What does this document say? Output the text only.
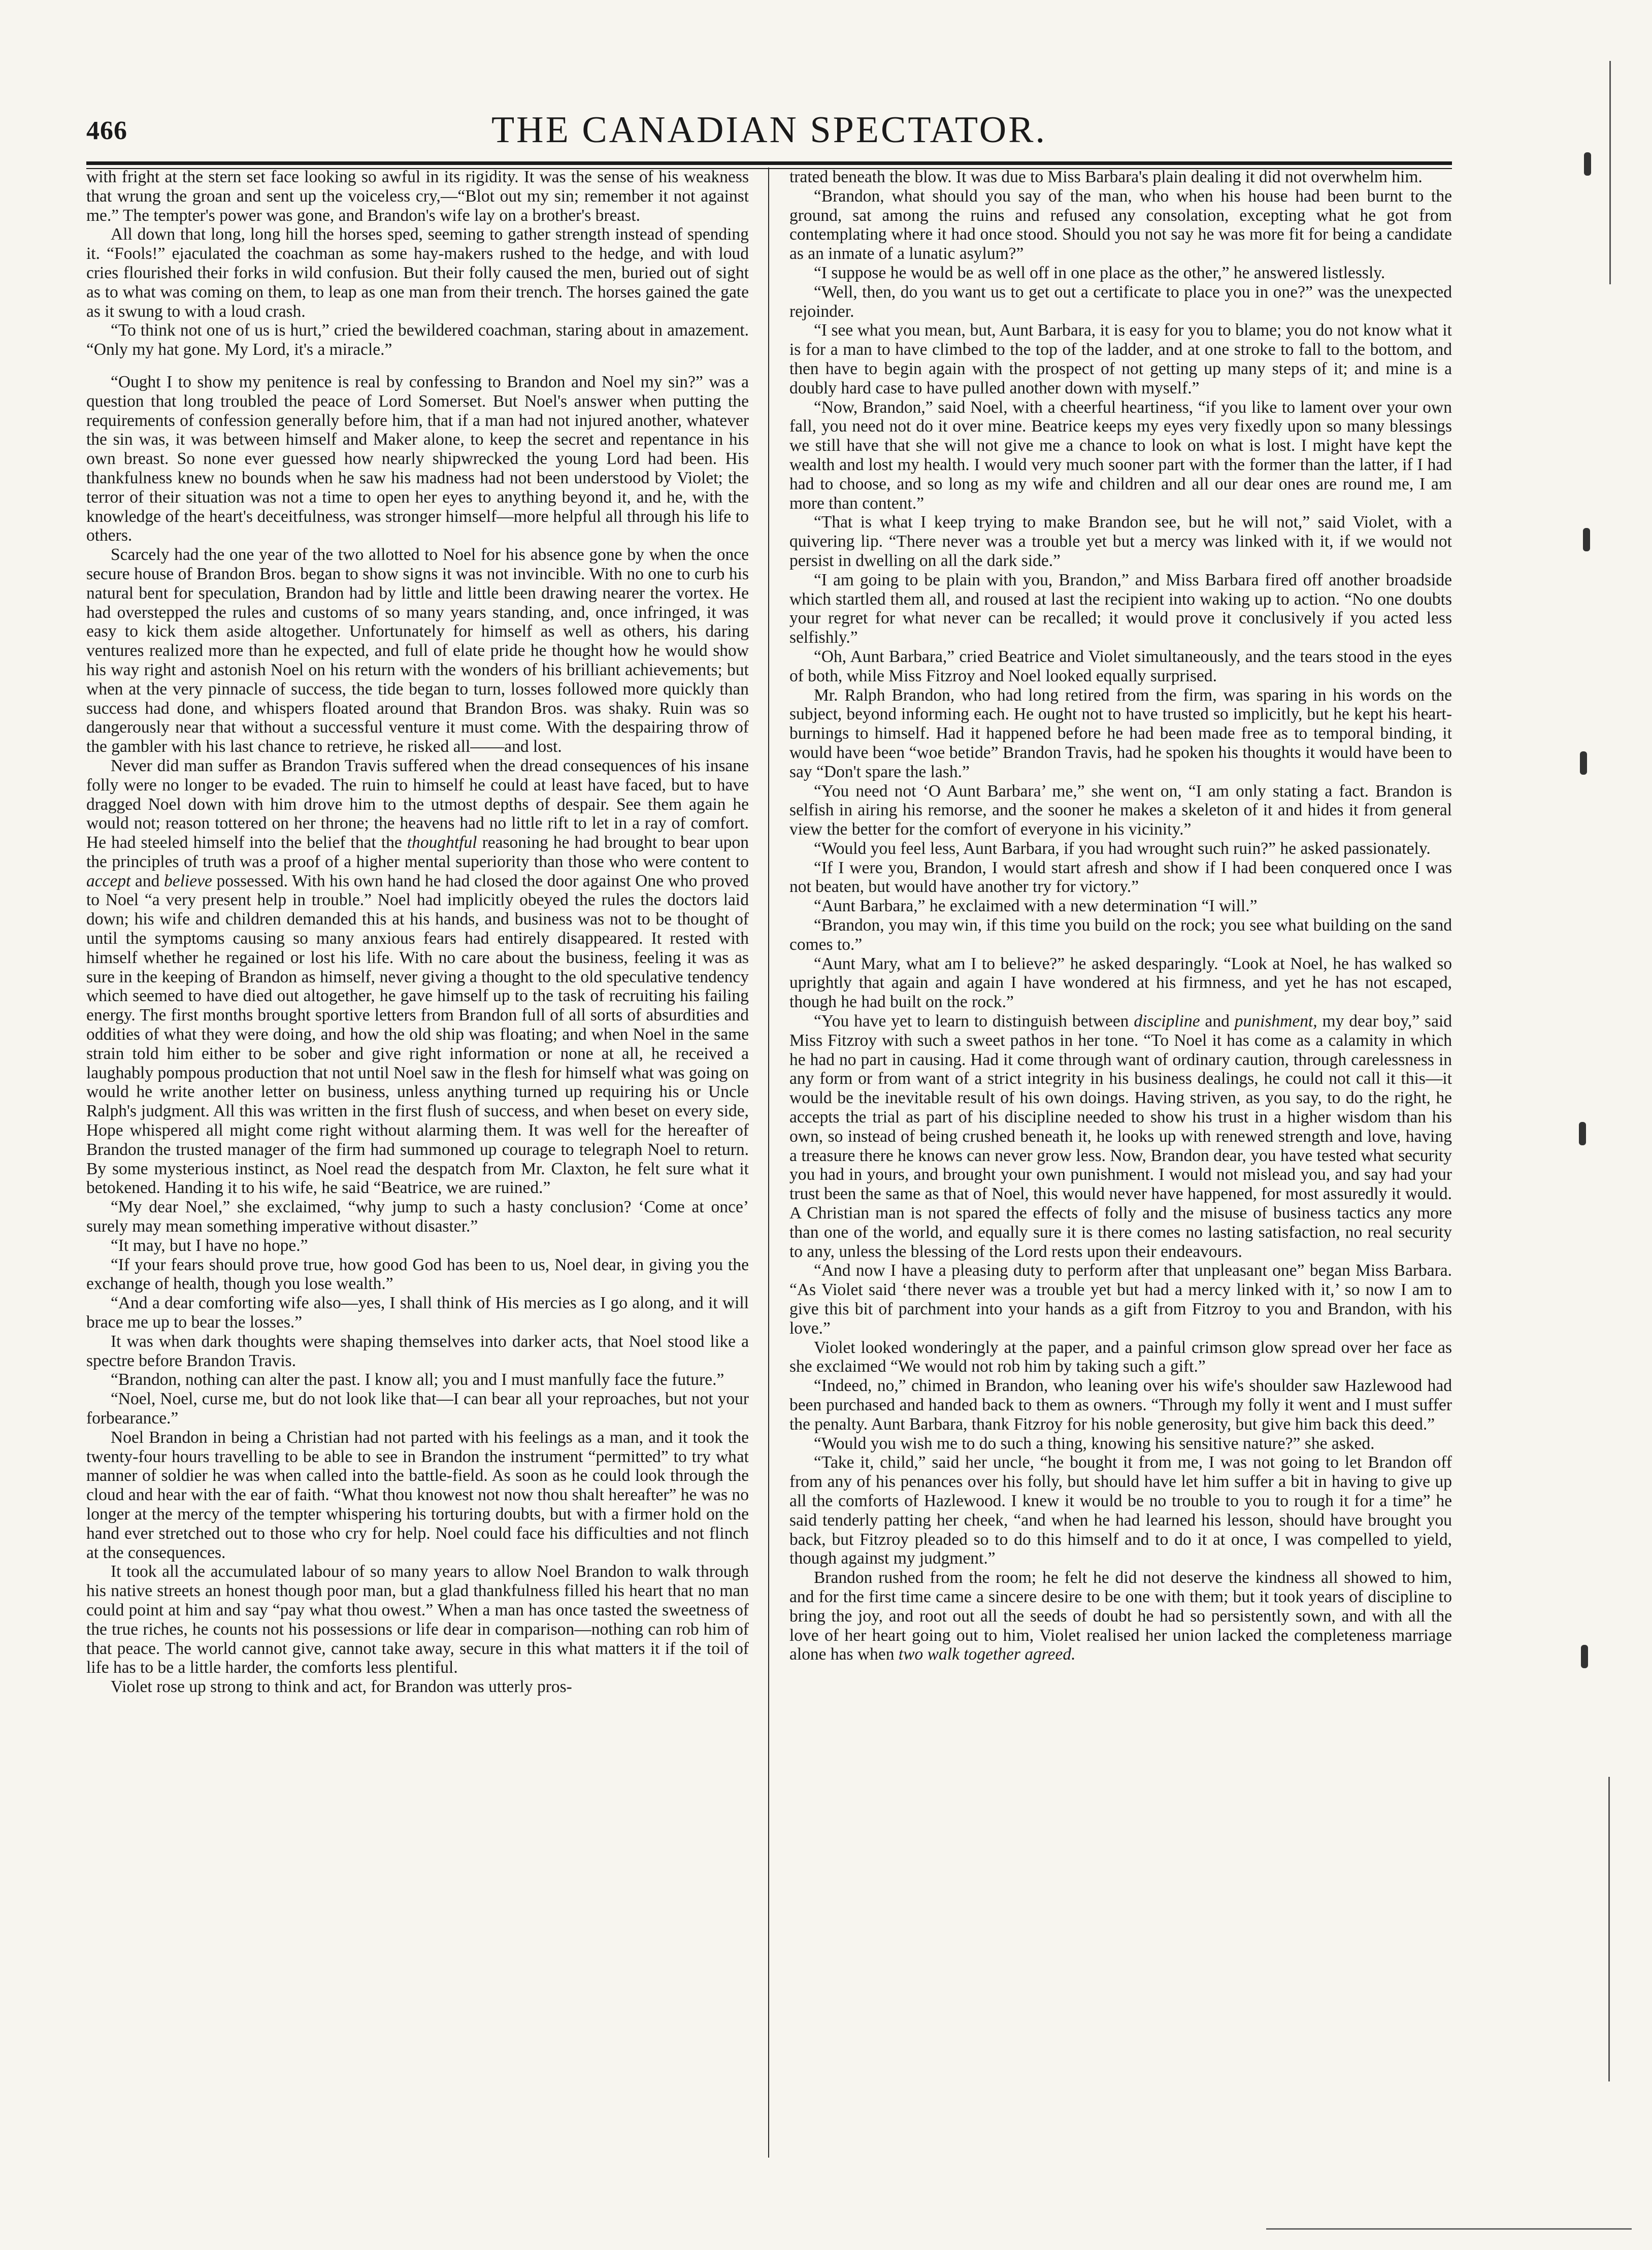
466	THE CANADIAN SPECTATOR.

with fright at the stern set face looking so awful in its rigidity. It was the sense of his weakness that wrung the groan and sent up the voiceless cry,—“Blot out my sin; remember it not against me.” The tempter's power was gone, and Brandon's wife lay on a brother's breast.

All down that long, long hill the horses sped, seeming to gather strength instead of spending it. “Fools!” ejaculated the coachman as some hay-makers rushed to the hedge, and with loud cries flourished their forks in wild confusion. But their folly caused the men, buried out of sight as to what was coming on them, to leap as one man from their trench. The horses gained the gate as it swung to with a loud crash.

“To think not one of us is hurt,” cried the bewildered coachman, staring about in amazement. “Only my hat gone. My Lord, it's a miracle.”

“Ought I to show my penitence is real by confessing to Brandon and Noel my sin?” was a question that long troubled the peace of Lord Somerset. But Noel's answer when putting the requirements of confession generally before him, that if a man had not injured another, whatever the sin was, it was between himself and Maker alone, to keep the secret and repentance in his own breast. So none ever guessed how nearly shipwrecked the young Lord had been. His thankfulness knew no bounds when he saw his madness had not been understood by Violet; the terror of their situation was not a time to open her eyes to anything beyond it, and he, with the knowledge of the heart's deceitfulness, was stronger himself—more helpful all through his life to others.

Scarcely had the one year of the two allotted to Noel for his absence gone by when the once secure house of Brandon Bros. began to show signs it was not invincible. With no one to curb his natural bent for speculation, Brandon had by little and little been drawing nearer the vortex. He had overstepped the rules and customs of so many years standing, and, once infringed, it was easy to kick them aside altogether. Unfortunately for himself as well as others, his daring ventures realized more than he expected, and full of elate pride he thought how he would show his way right and astonish Noel on his return with the wonders of his brilliant achievements; but when at the very pinnacle of success, the tide began to turn, losses followed more quickly than success had done, and whispers floated around that Brandon Bros. was shaky. Ruin was so dangerously near that without a successful venture it must come. With the despairing throw of the gambler with his last chance to retrieve, he risked all——and lost.

Never did man suffer as Brandon Travis suffered when the dread consequences of his insane folly were no longer to be evaded. The ruin to himself he could at least have faced, but to have dragged Noel down with him drove him to the utmost depths of despair. See them again he would not; reason tottered on her throne; the heavens had no little rift to let in a ray of comfort. He had steeled himself into the belief that the thoughtful reasoning he had brought to bear upon the principles of truth was a proof of a higher mental superiority than those who were content to accept and believe possessed. With his own hand he had closed the door against One who proved to Noel “a very present help in trouble.” Noel had implicitly obeyed the rules the doctors laid down; his wife and children demanded this at his hands, and business was not to be thought of until the symptoms causing so many anxious fears had entirely disappeared. It rested with himself whether he regained or lost his life. With no care about the business, feeling it was as sure in the keeping of Brandon as himself, never giving a thought to the old speculative tendency which seemed to have died out altogether, he gave himself up to the task of recruiting his failing energy. The first months brought sportive letters from Brandon full of all sorts of absurdities and oddities of what they were doing, and how the old ship was floating; and when Noel in the same strain told him either to be sober and give right information or none at all, he received a laughably pompous production that not until Noel saw in the flesh for himself what was going on would he write another letter on business, unless anything turned up requiring his or Uncle Ralph's judgment. All this was written in the first flush of success, and when beset on every side, Hope whispered all might come right without alarming them. It was well for the hereafter of Brandon the trusted manager of the firm had summoned up courage to telegraph Noel to return. By some mysterious instinct, as Noel read the despatch from Mr. Claxton, he felt sure what it betokened. Handing it to his wife, he said “Beatrice, we are ruined.”

“My dear Noel,” she exclaimed, “why jump to such a hasty conclusion? ‘Come at once’ surely may mean something imperative without disaster.”

“It may, but I have no hope.”

“If your fears should prove true, how good God has been to us, Noel dear, in giving you the exchange of health, though you lose wealth.”

“And a dear comforting wife also—yes, I shall think of His mercies as I go along, and it will brace me up to bear the losses.”

It was when dark thoughts were shaping themselves into darker acts, that Noel stood like a spectre before Brandon Travis.

“Brandon, nothing can alter the past. I know all; you and I must manfully face the future.”

“Noel, Noel, curse me, but do not look like that—I can bear all your reproaches, but not your forbearance.”

Noel Brandon in being a Christian had not parted with his feelings as a man, and it took the twenty-four hours travelling to be able to see in Brandon the instrument “permitted” to try what manner of soldier he was when called into the battle-field. As soon as he could look through the cloud and hear with the ear of faith. “What thou knowest not now thou shalt hereafter” he was no longer at the mercy of the tempter whispering his torturing doubts, but with a firmer hold on the hand ever stretched out to those who cry for help. Noel could face his difficulties and not flinch at the consequences.

It took all the accumulated labour of so many years to allow Noel Brandon to walk through his native streets an honest though poor man, but a glad thankfulness filled his heart that no man could point at him and say “pay what thou owest.” When a man has once tasted the sweetness of the true riches, he counts not his possessions or life dear in comparison—nothing can rob him of that peace. The world cannot give, cannot take away, secure in this what matters it if the toil of life has to be a little harder, the comforts less plentiful.

Violet rose up strong to think and act, for Brandon was utterly pros-

trated beneath the blow. It was due to Miss Barbara's plain dealing it did not overwhelm him.

“Brandon, what should you say of the man, who when his house had been burnt to the ground, sat among the ruins and refused any consolation, excepting what he got from contemplating where it had once stood. Should you not say he was more fit for being a candidate as an inmate of a lunatic asylum?”

“I suppose he would be as well off in one place as the other,” he answered listlessly.

“Well, then, do you want us to get out a certificate to place you in one?” was the unexpected rejoinder.

“I see what you mean, but, Aunt Barbara, it is easy for you to blame; you do not know what it is for a man to have climbed to the top of the ladder, and at one stroke to fall to the bottom, and then have to begin again with the prospect of not getting up many steps of it; and mine is a doubly hard case to have pulled another down with myself.”

“Now, Brandon,” said Noel, with a cheerful heartiness, “if you like to lament over your own fall, you need not do it over mine. Beatrice keeps my eyes very fixedly upon so many blessings we still have that she will not give me a chance to look on what is lost. I might have kept the wealth and lost my health. I would very much sooner part with the former than the latter, if I had had to choose, and so long as my wife and children and all our dear ones are round me, I am more than content.”

“That is what I keep trying to make Brandon see, but he will not,” said Violet, with a quivering lip. “There never was a trouble yet but a mercy was linked with it, if we would not persist in dwelling on all the dark side.”

“I am going to be plain with you, Brandon,” and Miss Barbara fired off another broadside which startled them all, and roused at last the recipient into waking up to action. “No one doubts your regret for what never can be recalled; it would prove it conclusively if you acted less selfishly.”

“Oh, Aunt Barbara,” cried Beatrice and Violet simultaneously, and the tears stood in the eyes of both, while Miss Fitzroy and Noel looked equally surprised.

Mr. Ralph Brandon, who had long retired from the firm, was sparing in his words on the subject, beyond informing each. He ought not to have trusted so implicitly, but he kept his heart-burnings to himself. Had it happened before he had been made free as to temporal binding, it would have been “woe betide” Brandon Travis, had he spoken his thoughts it would have been to say “Don't spare the lash.”

“You need not ‘O Aunt Barbara’ me,” she went on, “I am only stating a fact. Brandon is selfish in airing his remorse, and the sooner he makes a skeleton of it and hides it from general view the better for the comfort of everyone in his vicinity.”

“Would you feel less, Aunt Barbara, if you had wrought such ruin?” he asked passionately.

“If I were you, Brandon, I would start afresh and show if I had been conquered once I was not beaten, but would have another try for victory.”

“Aunt Barbara,” he exclaimed with a new determination “I will.”

“Brandon, you may win, if this time you build on the rock; you see what building on the sand comes to.”

“Aunt Mary, what am I to believe?” he asked desparingly. “Look at Noel, he has walked so uprightly that again and again I have wondered at his firmness, and yet he has not escaped, though he had built on the rock.”

“You have yet to learn to distinguish between discipline and punishment, my dear boy,” said Miss Fitzroy with such a sweet pathos in her tone. “To Noel it has come as a calamity in which he had no part in causing. Had it come through want of ordinary caution, through carelessness in any form or from want of a strict integrity in his business dealings, he could not call it this—it would be the inevitable result of his own doings. Having striven, as you say, to do the right, he accepts the trial as part of his discipline needed to show his trust in a higher wisdom than his own, so instead of being crushed beneath it, he looks up with renewed strength and love, having a treasure there he knows can never grow less. Now, Brandon dear, you have tested what security you had in yours, and brought your own punishment. I would not mislead you, and say had your trust been the same as that of Noel, this would never have happened, for most assuredly it would. A Christian man is not spared the effects of folly and the misuse of business tactics any more than one of the world, and equally sure it is there comes no lasting satisfaction, no real security to any, unless the blessing of the Lord rests upon their endeavours.

“And now I have a pleasing duty to perform after that unpleasant one” began Miss Barbara. “As Violet said ‘there never was a trouble yet but had a mercy linked with it,’ so now I am to give this bit of parchment into your hands as a gift from Fitzroy to you and Brandon, with his love.”

Violet looked wonderingly at the paper, and a painful crimson glow spread over her face as she exclaimed “We would not rob him by taking such a gift.”

“Indeed, no,” chimed in Brandon, who leaning over his wife's shoulder saw Hazlewood had been purchased and handed back to them as owners. “Through my folly it went and I must suffer the penalty. Aunt Barbara, thank Fitzroy for his noble generosity, but give him back this deed.”

“Would you wish me to do such a thing, knowing his sensitive nature?” she asked.

“Take it, child,” said her uncle, “he bought it from me, I was not going to let Brandon off from any of his penances over his folly, but should have let him suffer a bit in having to give up all the comforts of Hazlewood. I knew it would be no trouble to you to rough it for a time” he said tenderly patting her cheek, “and when he had learned his lesson, should have brought you back, but Fitzroy pleaded so to do this himself and to do it at once, I was compelled to yield, though against my judgment.”

Brandon rushed from the room; he felt he did not deserve the kindness all showed to him, and for the first time came a sincere desire to be one with them; but it took years of discipline to bring the joy, and root out all the seeds of doubt he had so persistently sown, and with all the love of her heart going out to him, Violet realised her union lacked the completeness marriage alone has when two walk together agreed.
